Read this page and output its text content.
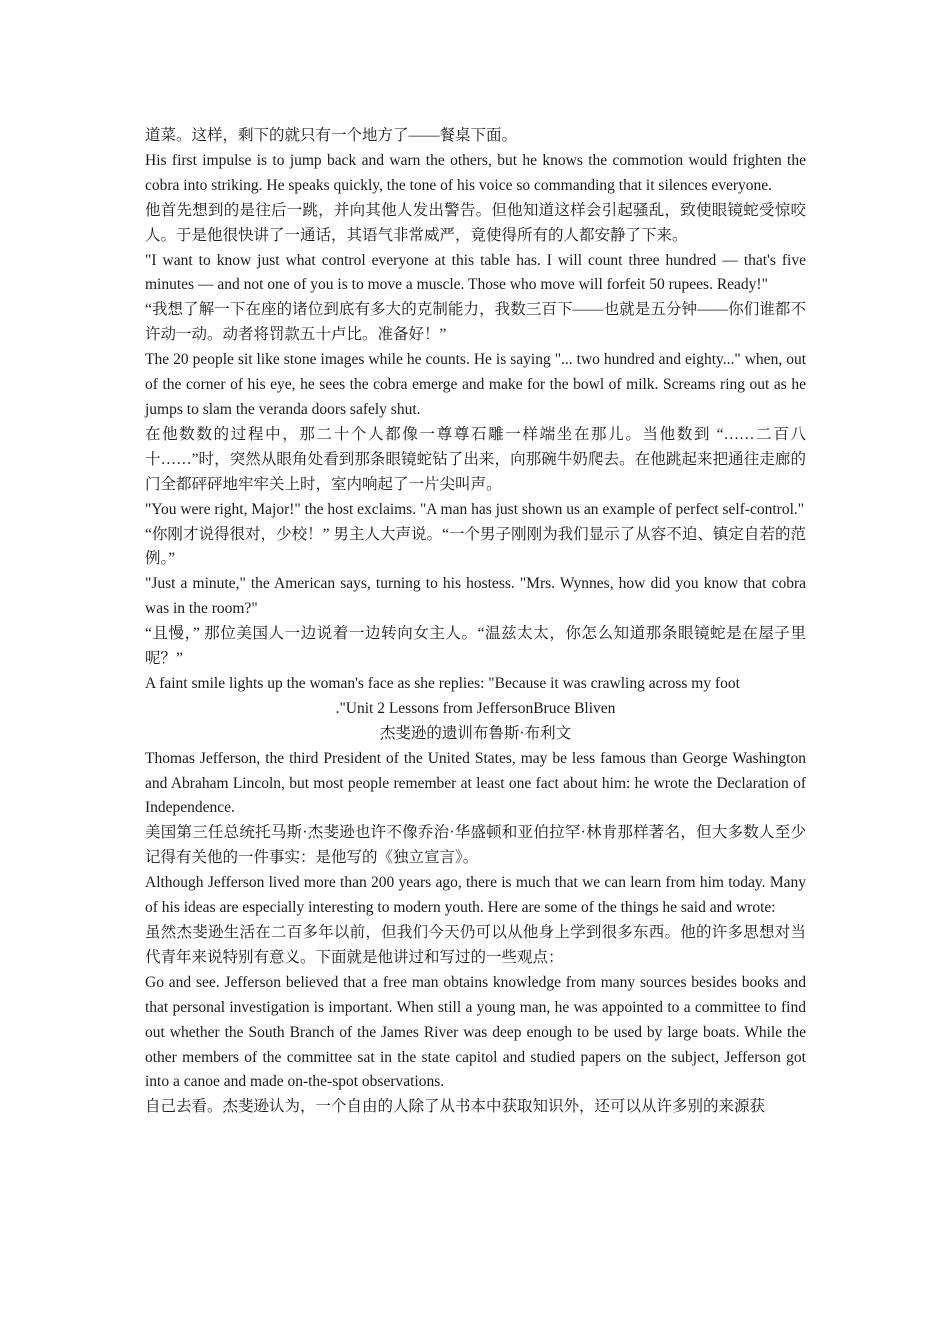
道菜。这样，剩下的就只有一个地方了——餐桌下面。

His first impulse is to jump back and warn the others, but he knows the commotion would frighten the cobra into striking. He speaks quickly, the tone of his voice so commanding that it silences everyone.

他首先想到的是往后一跳，并向其他人发出警告。但他知道这样会引起骚乱，致使眼镜蛇受惊咬人。于是他很快讲了一通话，其语气非常威严，竟使得所有的人都安静了下来。

"I want to know just what control everyone at this table has. I will count three hundred — that's five minutes — and not one of you is to move a muscle. Those who move will forfeit 50 rupees. Ready!"

“我想了解一下在座的诸位到底有多大的克制能力，我数三百下——也就是五分钟——你们谁都不许动一动。动者将罚款五十卢比。准备好！”

The 20 people sit like stone images while he counts. He is saying "... two hundred and eighty..." when, out of the corner of his eye, he sees the cobra emerge and make for the bowl of milk. Screams ring out as he jumps to slam the veranda doors safely shut.

在他数数的过程中，那二十个人都像一尊尊石雕一样端坐在那儿。当他数到 “……二百八十……”时，突然从眼角处看到那条眼镜蛇钻了出来，向那碗牛奶爬去。在他跳起来把通往走廊的门全都砰砰地牢牢关上时，室内响起了一片尖叫声。

"You were right, Major!" the host exclaims. "A man has just shown us an example of perfect self-control."

“你刚才说得很对，少校！” 男主人大声说。“一个男子刚刚为我们显示了从容不迫、镇定自若的范例。”

"Just a minute," the American says, turning to his hostess. "Mrs. Wynnes, how did you know that cobra was in the room?"

“且慢，” 那位美国人一边说着一边转向女主人。“温兹太太，你怎么知道那条眼镜蛇是在屋子里呢？”

A faint smile lights up the woman's face as she replies: "Because it was crawling across my foot

."Unit 2 Lessons from JeffersonBruce Bliven

杰斐逊的遗训布鲁斯·布利文

Thomas Jefferson, the third President of the United States, may be less famous than George Washington and Abraham Lincoln, but most people remember at least one fact about him: he wrote the Declaration of Independence.

美国第三任总统托马斯·杰斐逊也许不像乔治·华盛顿和亚伯拉罕·林肯那样著名，但大多数人至少记得有关他的一件事实：是他写的《独立宣言》。

Although Jefferson lived more than 200 years ago, there is much that we can learn from him today. Many of his ideas are especially interesting to modern youth. Here are some of the things he said and wrote:

虽然杰斐逊生活在二百多年以前，但我们今天仍可以从他身上学到很多东西。他的许多思想对当代青年来说特别有意义。下面就是他讲过和写过的一些观点：

Go and see. Jefferson believed that a free man obtains knowledge from many sources besides books and that personal investigation is important. When still a young man, he was appointed to a committee to find out whether the South Branch of the James River was deep enough to be used by large boats. While the other members of the committee sat in the state capitol and studied papers on the subject, Jefferson got into a canoe and made on-the-spot observations.

自己去看。杰斐逊认为，一个自由的人除了从书本中获取知识外，还可以从许多别的来源获
